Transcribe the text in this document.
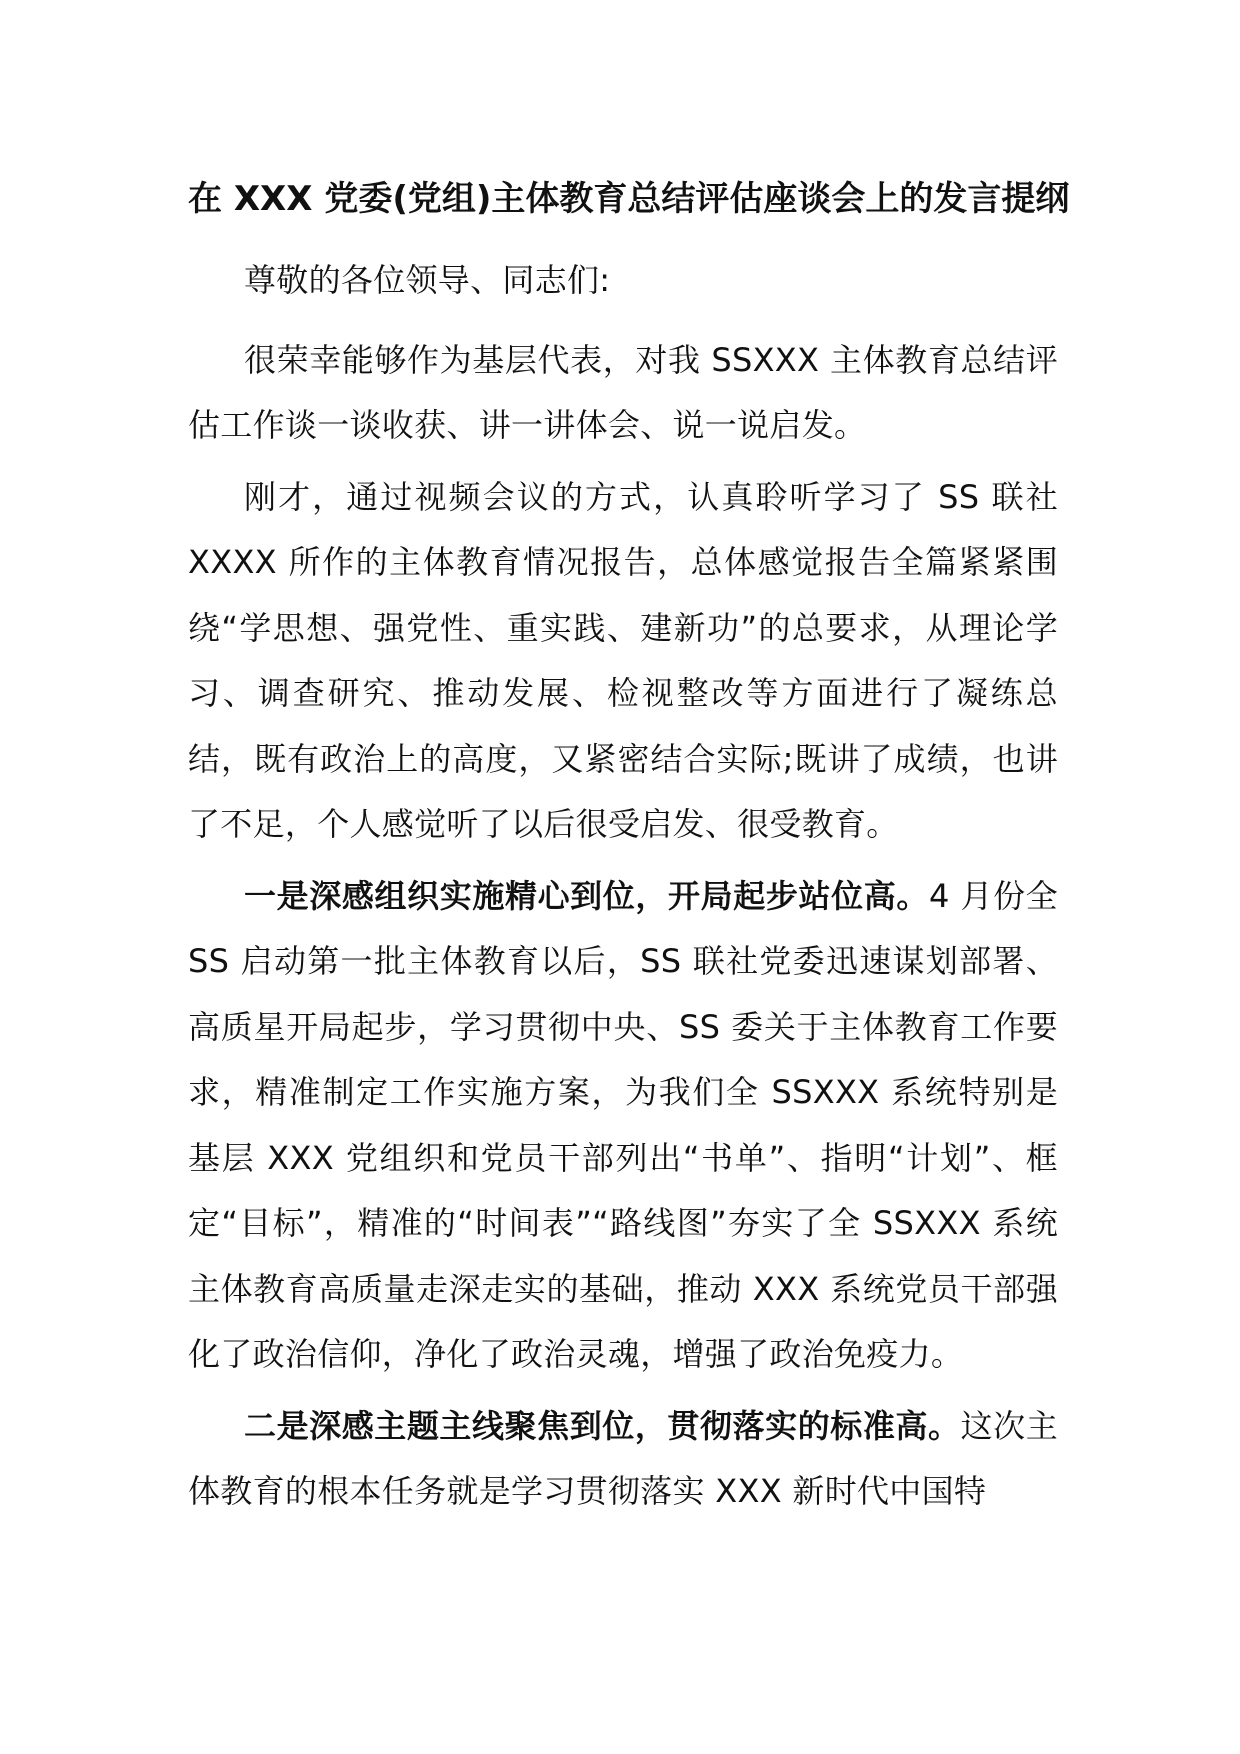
在 XXX 党委(党组)主体教育总结评估座谈会上的发言提纲

尊敬的各位领导、同志们:

很荣幸能够作为基层代表，对我 SSXXX 主体教育总结评估工作谈一谈收获、讲一讲体会、说一说启发。

刚才，通过视频会议的方式，认真聆听学习了 SS 联社 XXXX 所作的主体教育情况报告，总体感觉报告全篇紧紧围绕“学思想、强党性、重实践、建新功”的总要求，从理论学习、调查研究、推动发展、检视整改等方面进行了凝练总结，既有政治上的高度，又紧密结合实际;既讲了成绩，也讲了不足，个人感觉听了以后很受启发、很受教育。

一是深感组织实施精心到位，开局起步站位高。4 月份全 SS 启动第一批主体教育以后，SS 联社党委迅速谋划部署、高质星开局起步，学习贯彻中央、SS 委关于主体教育工作要求，精准制定工作实施方案，为我们全 SSXXX 系统特别是基层 XXX 党组织和党员干部列出“书单”、指明“计划”、框定“目标”，精准的“时间表”“路线图”夯实了全 SSXXX 系统主体教育高质量走深走实的基础，推动 XXX 系统党员干部强化了政治信仰，净化了政治灵魂，增强了政治免疫力。

二是深感主题主线聚焦到位，贯彻落实的标准高。这次主体教育的根本任务就是学习贯彻落实 XXX 新时代中国特
